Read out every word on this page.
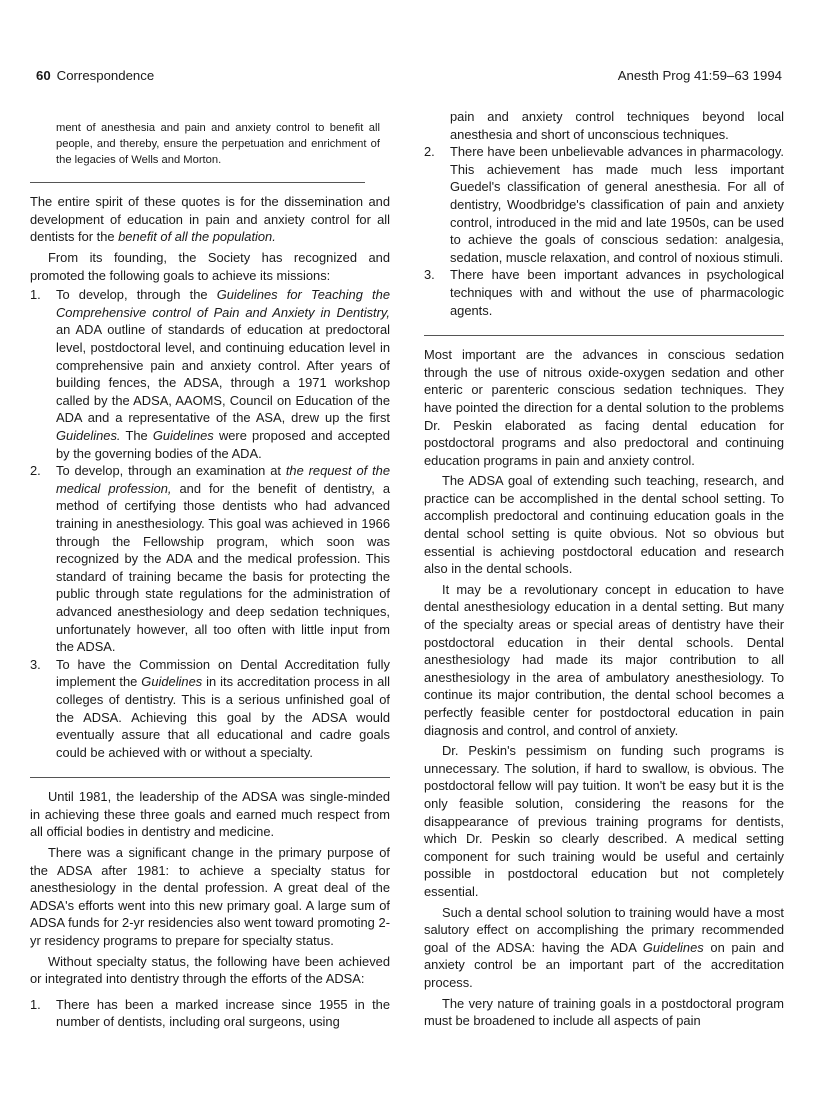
60 Correspondence	Anesth Prog 41:59–63 1994

ment of anesthesia and pain and anxiety control to benefit all people, and thereby, ensure the perpetuation and enrichment of the legacies of Wells and Morton.

The entire spirit of these quotes is for the dissemination and development of education in pain and anxiety control for all dentists for the benefit of all the population.

From its founding, the Society has recognized and promoted the following goals to achieve its missions:

1. To develop, through the Guidelines for Teaching the Comprehensive control of Pain and Anxiety in Dentistry, an ADA outline of standards of education at predoctoral level, postdoctoral level, and continuing education level in comprehensive pain and anxiety control. After years of building fences, the ADSA, through a 1971 workshop called by the ADSA, AAOMS, Council on Education of the ADA and a representative of the ASA, drew up the first Guidelines. The Guidelines were proposed and accepted by the governing bodies of the ADA.
2. To develop, through an examination at the request of the medical profession, and for the benefit of dentistry, a method of certifying those dentists who had advanced training in anesthesiology. This goal was achieved in 1966 through the Fellowship program, which soon was recognized by the ADA and the medical profession. This standard of training became the basis for protecting the public through state regulations for the administration of advanced anesthesiology and deep sedation techniques, unfortunately however, all too often with little input from the ADSA.
3. To have the Commission on Dental Accreditation fully implement the Guidelines in its accreditation process in all colleges of dentistry. This is a serious unfinished goal of the ADSA. Achieving this goal by the ADSA would eventually assure that all educational and cadre goals could be achieved with or without a specialty.

Until 1981, the leadership of the ADSA was single-minded in achieving these three goals and earned much respect from all official bodies in dentistry and medicine.

There was a significant change in the primary purpose of the ADSA after 1981: to achieve a specialty status for anesthesiology in the dental profession. A great deal of the ADSA's efforts went into this new primary goal. A large sum of ADSA funds for 2-yr residencies also went toward promoting 2-yr residency programs to prepare for specialty status.

Without specialty status, the following have been achieved or integrated into dentistry through the efforts of the ADSA:

1. There has been a marked increase since 1955 in the number of dentists, including oral surgeons, using

pain and anxiety control techniques beyond local anesthesia and short of unconscious techniques.

2. There have been unbelievable advances in pharmacology. This achievement has made much less important Guedel's classification of general anesthesia. For all of dentistry, Woodbridge's classification of pain and anxiety control, introduced in the mid and late 1950s, can be used to achieve the goals of conscious sedation: analgesia, sedation, muscle relaxation, and control of noxious stimuli.
3. There have been important advances in psychological techniques with and without the use of pharmacologic agents.

Most important are the advances in conscious sedation through the use of nitrous oxide-oxygen sedation and other enteric or parenteric conscious sedation techniques. They have pointed the direction for a dental solution to the problems Dr. Peskin elaborated as facing dental education for postdoctoral programs and also predoctoral and continuing education programs in pain and anxiety control.

The ADSA goal of extending such teaching, research, and practice can be accomplished in the dental school setting. To accomplish predoctoral and continuing education goals in the dental school setting is quite obvious. Not so obvious but essential is achieving postdoctoral education and research also in the dental schools.

It may be a revolutionary concept in education to have dental anesthesiology education in a dental setting. But many of the specialty areas or special areas of dentistry have their postdoctoral education in their dental schools. Dental anesthesiology had made its major contribution to all anesthesiology in the area of ambulatory anesthesiology. To continue its major contribution, the dental school becomes a perfectly feasible center for postdoctoral education in pain diagnosis and control, and control of anxiety.

Dr. Peskin's pessimism on funding such programs is unnecessary. The solution, if hard to swallow, is obvious. The postdoctoral fellow will pay tuition. It won't be easy but it is the only feasible solution, considering the reasons for the disappearance of previous training programs for dentists, which Dr. Peskin so clearly described. A medical setting component for such training would be useful and certainly possible in postdoctoral education but not completely essential.

Such a dental school solution to training would have a most salutory effect on accomplishing the primary recommended goal of the ADSA: having the ADA Guidelines on pain and anxiety control be an important part of the accreditation process.

The very nature of training goals in a postdoctoral program must be broadened to include all aspects of pain
